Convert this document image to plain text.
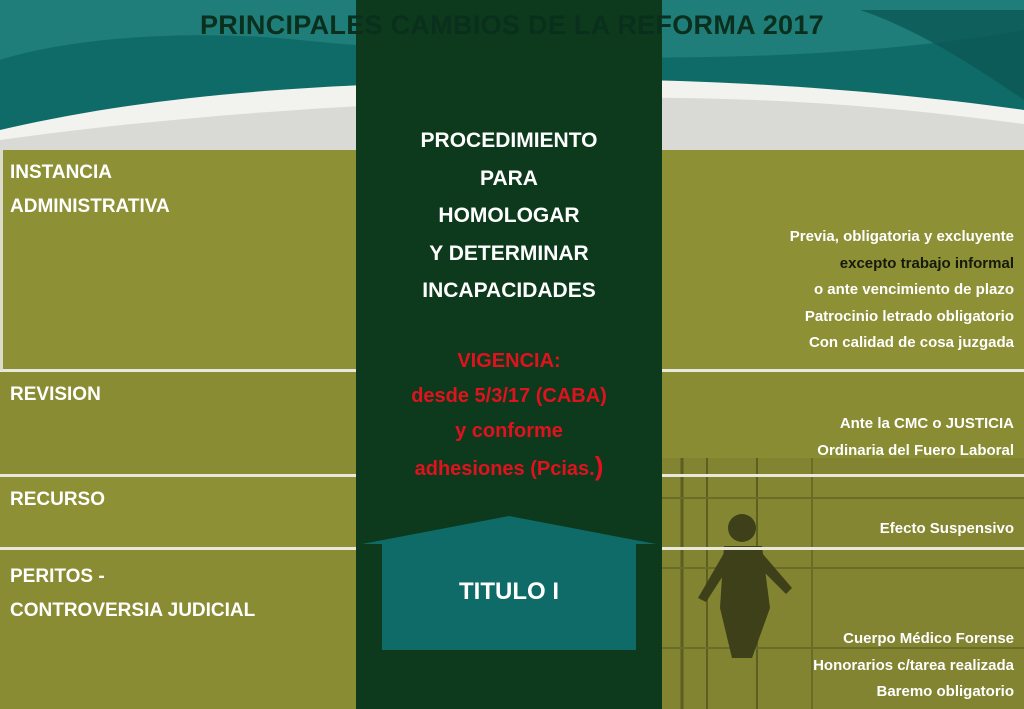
PRINCIPALES CAMBIOS DE LA REFORMA 2017
INSTANCIA
ADMINISTRATIVA
REVISION
RECURSO
PERITOS -
CONTROVERSIA JUDICIAL
Previa, obligatoria y excluyente
excepto trabajo informal
o ante vencimiento de plazo
Patrocinio letrado obligatorio
Con calidad de cosa juzgada
Ante la CMC o JUSTICIA
Ordinaria del Fuero Laboral
Efecto Suspensivo
Cuerpo Médico Forense
Honorarios c/tarea realizada
Baremo obligatorio
PROCEDIMIENTO
PARA
HOMOLOGAR
Y DETERMINAR
INCAPACIDADES
VIGENCIA:
desde 5/3/17 (CABA)
y conforme
adhesiones (Pcias.)
TITULO I
